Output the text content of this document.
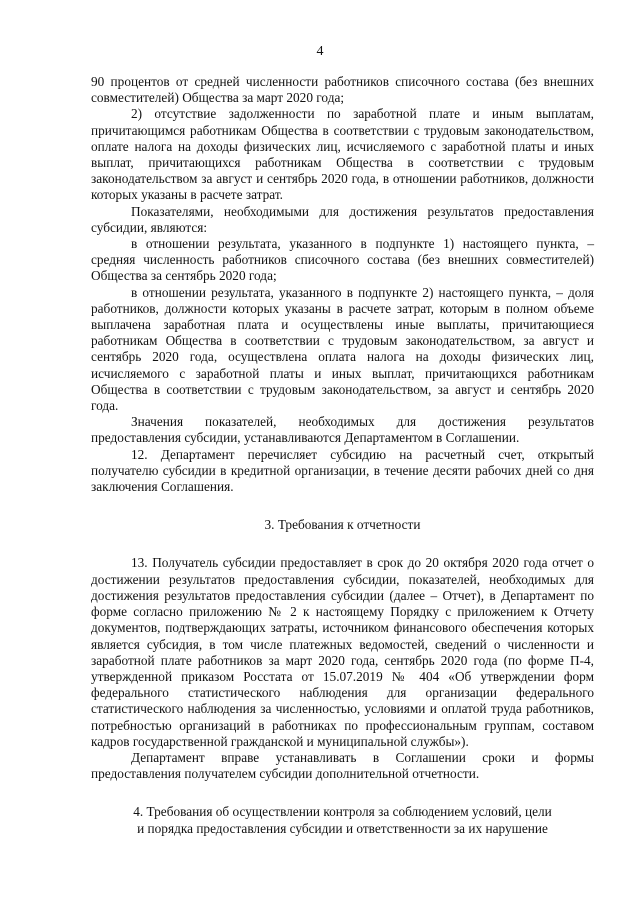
4

90 процентов от средней численности работников списочного состава (без внешних совместителей) Общества за март 2020 года;

2) отсутствие задолженности по заработной плате и иным выплатам, причитающимся работникам Общества в соответствии с трудовым законодательством, оплате налога на доходы физических лиц, исчисляемого с заработной платы и иных выплат, причитающихся работникам Общества в соответствии с трудовым законодательством за август и сентябрь 2020 года, в отношении работников, должности которых указаны в расчете затрат.

Показателями, необходимыми для достижения результатов предоставления субсидии, являются:

в отношении результата, указанного в подпункте 1) настоящего пункта, – средняя численность работников списочного состава (без внешних совместителей) Общества за сентябрь 2020 года;

в отношении результата, указанного в подпункте 2) настоящего пункта, – доля работников, должности которых указаны в расчете затрат, которым в полном объеме выплачена заработная плата и осуществлены иные выплаты, причитающиеся работникам Общества в соответствии с трудовым законодательством, за август и сентябрь 2020 года, осуществлена оплата налога на доходы физических лиц, исчисляемого с заработной платы и иных выплат, причитающихся работникам Общества в соответствии с трудовым законодательством, за август и сентябрь 2020 года.

Значения показателей, необходимых для достижения результатов предоставления субсидии, устанавливаются Департаментом в Соглашении.

12. Департамент перечисляет субсидию на расчетный счет, открытый получателю субсидии в кредитной организации, в течение десяти рабочих дней со дня заключения Соглашения.

3. Требования к отчетности

13. Получатель субсидии предоставляет в срок до 20 октября 2020 года отчет о достижении результатов предоставления субсидии, показателей, необходимых для достижения результатов предоставления субсидии (далее – Отчет), в Департамент по форме согласно приложению № 2 к настоящему Порядку с приложением к Отчету документов, подтверждающих затраты, источником финансового обеспечения которых является субсидия, в том числе платежных ведомостей, сведений о численности и заработной плате работников за март 2020 года, сентябрь 2020 года (по форме П-4, утвержденной приказом Росстата от 15.07.2019 № 404 «Об утверждении форм федерального статистического наблюдения для организации федерального статистического наблюдения за численностью, условиями и оплатой труда работников, потребностью организаций в работниках по профессиональным группам, составом кадров государственной гражданской и муниципальной службы»).

Департамент вправе устанавливать в Соглашении сроки и формы предоставления получателем субсидии дополнительной отчетности.

4. Требования об осуществлении контроля за соблюдением условий, цели

и порядка предоставления субсидии и ответственности за их нарушение
